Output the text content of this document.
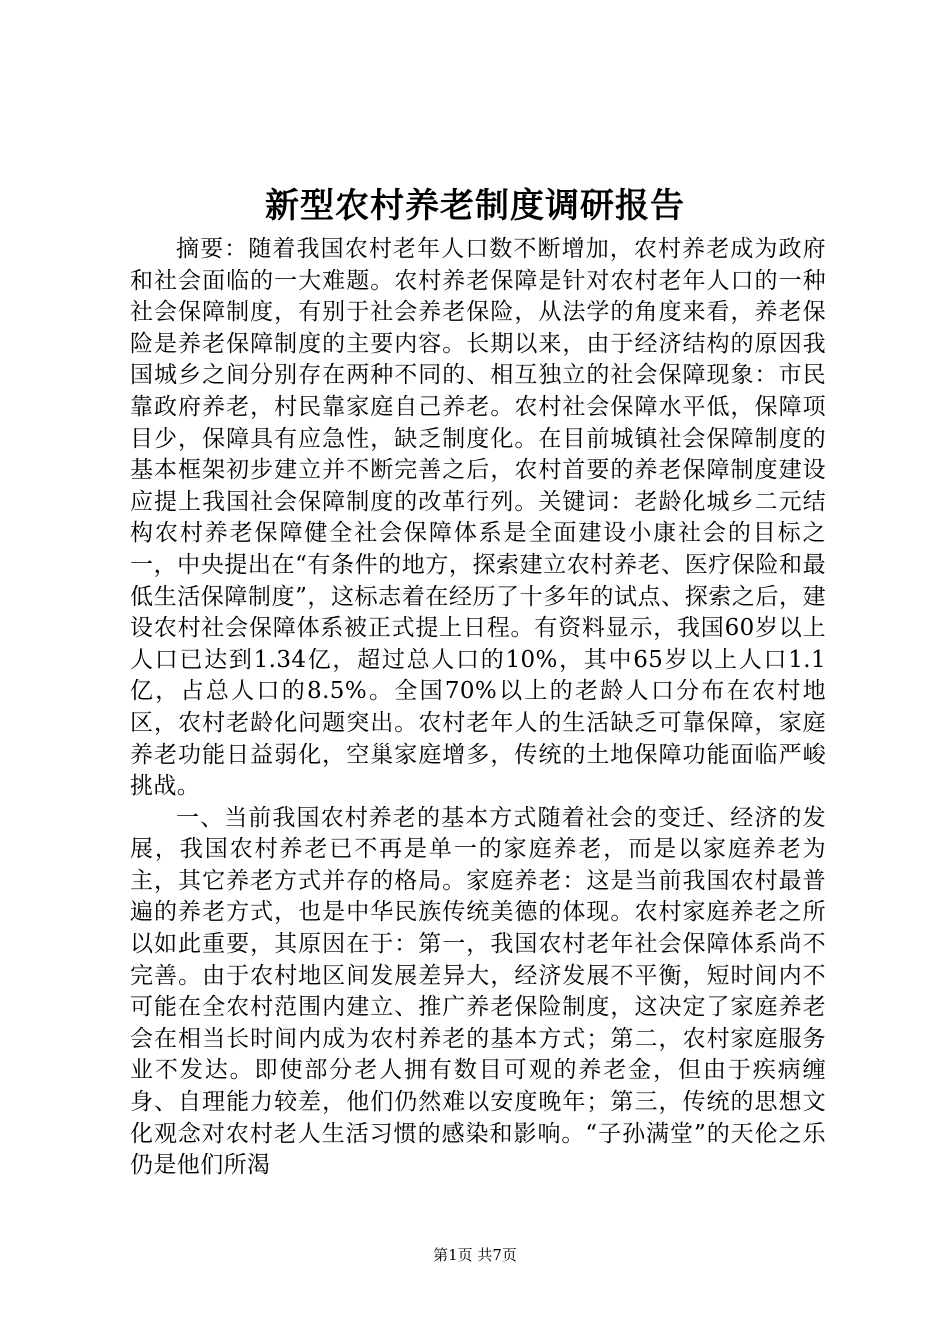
新型农村养老制度调研报告

摘要：随着我国农村老年人口数不断增加，农村养老成为政府和社会面临的一大难题。农村养老保障是针对农村老年人口的一种社会保障制度，有别于社会养老保险，从法学的角度来看，养老保险是养老保障制度的主要内容。长期以来，由于经济结构的原因我国城乡之间分别存在两种不同的、相互独立的社会保障现象：市民靠政府养老，村民靠家庭自己养老。农村社会保障水平低，保障项目少，保障具有应急性，缺乏制度化。在目前城镇社会保障制度的基本框架初步建立并不断完善之后，农村首要的养老保障制度建设应提上我国社会保障制度的改革行列。关键词：老龄化城乡二元结构农村养老保障健全社会保障体系是全面建设小康社会的目标之一，中央提出在“有条件的地方，探索建立农村养老、医疗保险和最低生活保障制度”，这标志着在经历了十多年的试点、探索之后，建设农村社会保障体系被正式提上日程。有资料显示，我国60岁以上人口已达到1.34亿，超过总人口的10%，其中65岁以上人口1.1亿，占总人口的8.5%。全国70%以上的老龄人口分布在农村地区，农村老龄化问题突出。农村老年人的生活缺乏可靠保障，家庭养老功能日益弱化，空巢家庭增多，传统的土地保障功能面临严峻挑战。

一、当前我国农村养老的基本方式随着社会的变迁、经济的发展，我国农村养老已不再是单一的家庭养老，而是以家庭养老为主，其它养老方式并存的格局。家庭养老：这是当前我国农村最普遍的养老方式，也是中华民族传统美德的体现。农村家庭养老之所以如此重要，其原因在于：第一，我国农村老年社会保障体系尚不完善。由于农村地区间发展差异大，经济发展不平衡，短时间内不可能在全农村范围内建立、推广养老保险制度，这决定了家庭养老会在相当长时间内成为农村养老的基本方式；第二，农村家庭服务业不发达。即使部分老人拥有数目可观的养老金，但由于疾病缠身、自理能力较差，他们仍然难以安度晚年；第三，传统的思想文化观念对农村老人生活习惯的感染和影响。“子孙满堂”的天伦之乐仍是他们所渴

第1页 共7页
